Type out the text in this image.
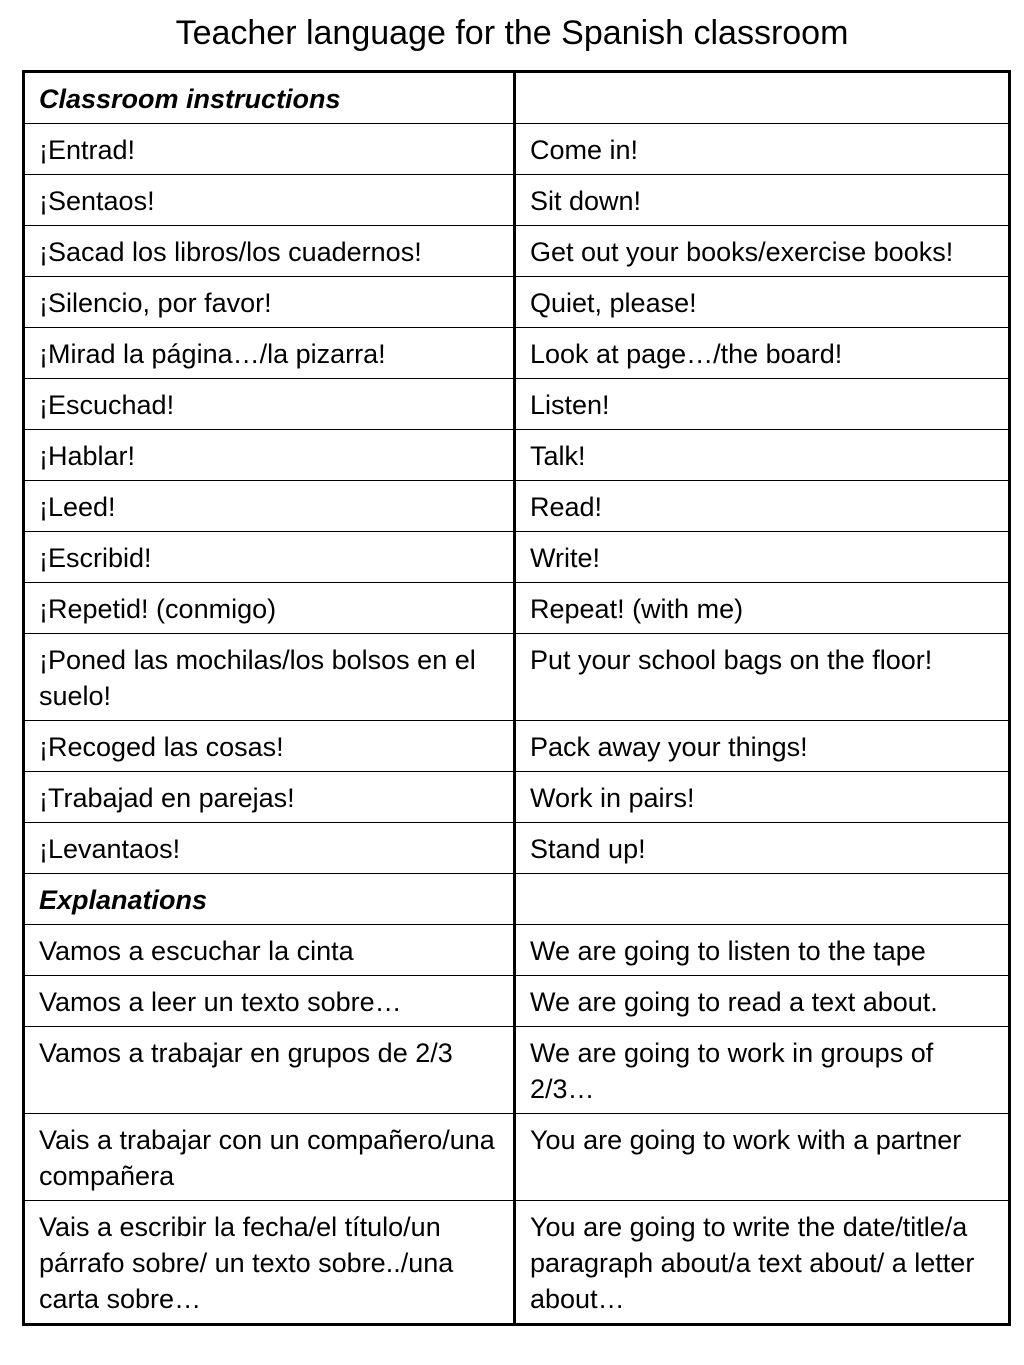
Teacher language for the Spanish classroom
Classroom instructions	
¡Entrad!	Come in!
¡Sentaos!	Sit down!
¡Sacad los libros/los cuadernos!	Get out your books/exercise books!
¡Silencio, por favor!	Quiet, please!
¡Mirad la página…/la pizarra!	Look at page…/the board!
¡Escuchad!	Listen!
¡Hablar!	Talk!
¡Leed!	Read!
¡Escribid!	Write!
¡Repetid! (conmigo)	Repeat! (with me)
¡Poned las mochilas/los bolsos en el suelo!	Put your school bags on the floor!
¡Recoged las cosas!	Pack away your things!
¡Trabajad en parejas!	Work in pairs!
¡Levantaos!	Stand up!
Explanations	
Vamos a escuchar la cinta	We are going to listen to the tape
Vamos a leer un texto sobre…	We are going to read a text about.
Vamos a trabajar en grupos de 2/3	We are going to work in groups of 2/3…
Vais a trabajar con un compañero/una compañera	You are going to work with a partner
Vais a escribir la fecha/el título/un párrafo sobre/ un texto sobre../una carta sobre…	You are going to write the date/title/a paragraph about/a text about/ a letter about…
